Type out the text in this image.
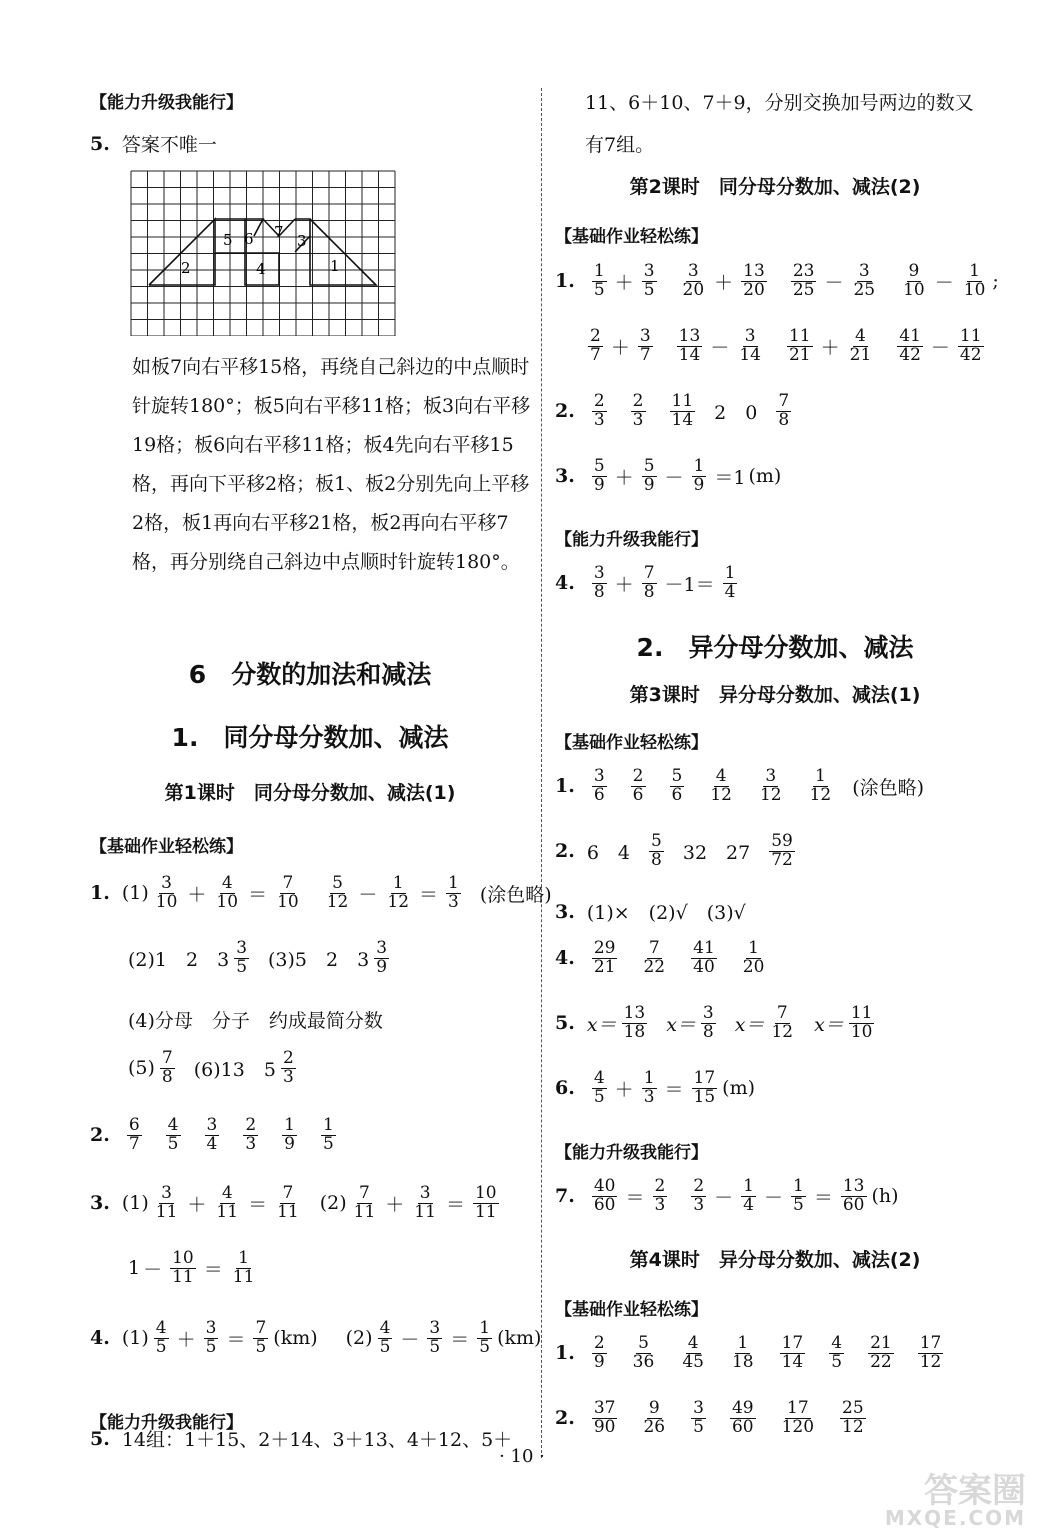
【能力升级我能行】
5. 答案不唯一
5 6 7 3
2	4	1
如板7向右平移15格，再绕自己斜边的中点顺时针旋转180°；板5向右平移11格；板3向右平移19格；板6向右平移11格；板4先向右平移15格，再向下平移2格；板1、板2分别先向上平移2格，板1再向右平移21格，板2再向右平移7格，再分别绕自己斜边中点顺时针旋转180°。
6　分数的加法和减法
1.　同分母分数加、减法
第1课时　同分母分数加、减法(1)
【基础作业轻松练】
1. (1) 3
10 ＋
4
10 ＝
7
10
5
12 －
1
12 ＝
1
3 (涂色略)
(2)1　2　3
3
5 (3)5　2　3
3
9
(4)分母　分子　约成最简分数
(5) 7
8 (6)13　5
2
3
2. 6
7
4
5
3
4
2
3
1
9
1
5
3. (1) 3
11 ＋
4
11 ＝
7
11 (2) 7
11 ＋
3
11 ＝
10
11
1 －
10
11 ＝
1
11
4. (1) 4
5 ＋
3
5 ＝
7
5 (km) (2) 4
5 －
3
5 ＝
1
5 (km)
【能力升级我能行】
5. 14组：1＋15、2＋14、3＋13、4＋12、5＋
11、6＋10、7＋9，分别交换加号两边的数又
有7组。
第2课时　同分母分数加、减法(2)
【基础作业轻松练】
1. 1
5 ＋
3
5
3
20 ＋
13
20
23
25 －
3
25
9
10 －
1
10 ;
2
7 ＋
3
7
13
14 －
3
14
11
21 ＋
4
21
41
42 －
11
42
2. 2
3
2
3
11
14 2　0
7
8
3. 5
9 ＋
5
9 －
1
9 ＝1 (m)
【能力升级我能行】
4. 3
8 ＋
7
8 －1＝
1
4
2.　异分母分数加、减法
第3课时　异分母分数加、减法(1)
【基础作业轻松练】
1. 3
6
2
6
5
6
4
12
3
12
1
12 (涂色略)
2. 6　4
5
8 32　27
59
72
3. (1)×　(2)√　(3)√
4. 29
21
7
22
41
40
1
20
5. x＝
13
18 x＝
3
8 x＝
7
12 x＝
11
10
6. 4
5 ＋
1
3 ＝
17
15 (m)
【能力升级我能行】
7. 40
60 ＝
2
3
2
3 －
1
4 －
1
5 ＝
13
60 (h)
第4课时　异分母分数加、减法(2)
【基础作业轻松练】
1. 2
9
5
36
4
45
1
18
17
14
4
5
21
22
17
12
2. 37
90
9
26
3
5
49
60
17
120
25
12
· 10 ·
答案圈
MXQE.COM
